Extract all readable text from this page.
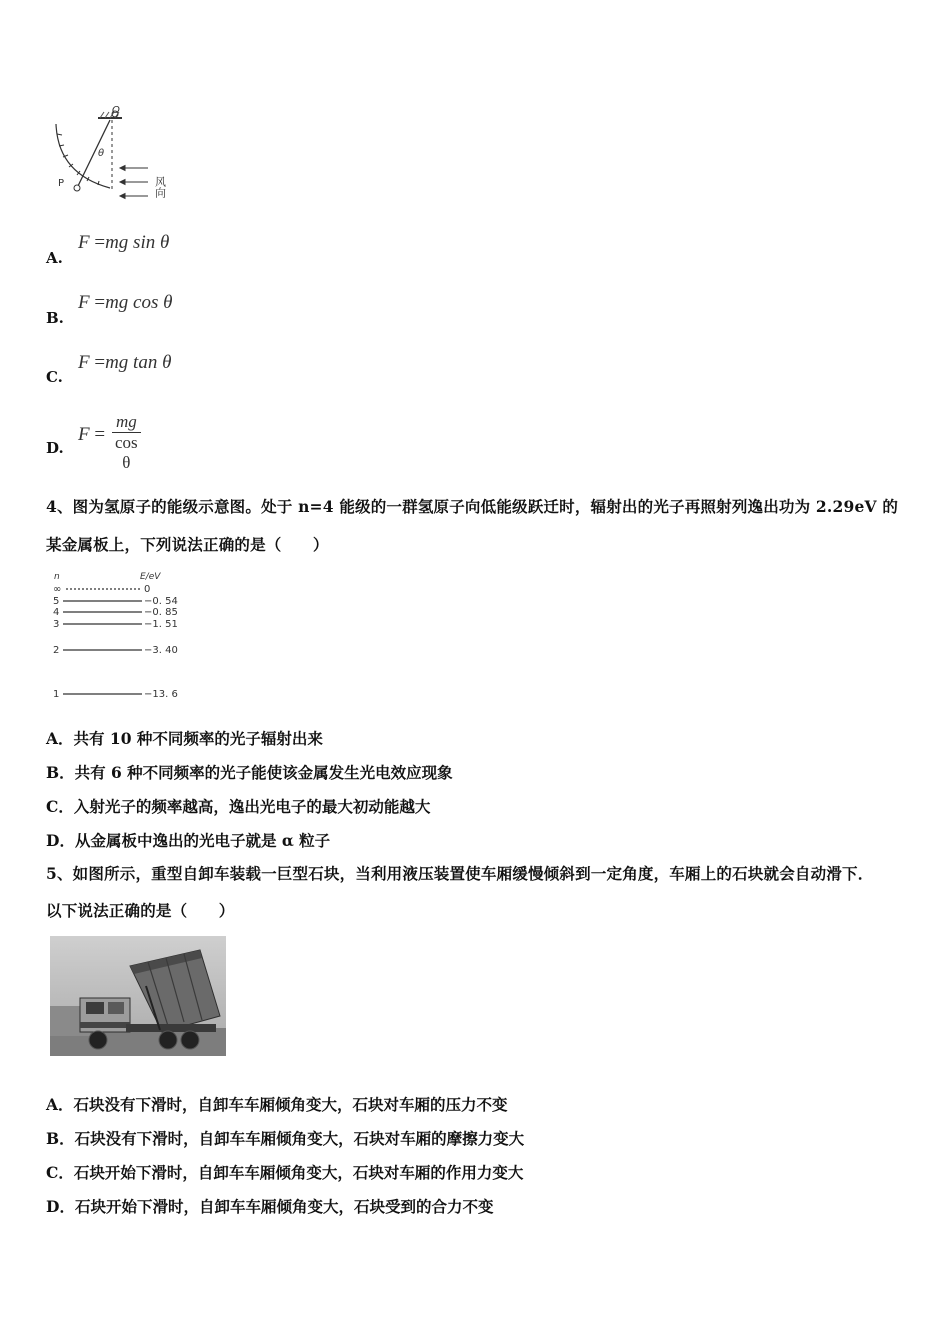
O
θ
P	风向
A.
F =mg sin θ
B.
F =mg cos θ
C.
F =mg tan θ
D.
$F = \frac{mg}{\text{cos θ}}$
4、图为氢原子的能级示意图。处于 n=4 能级的一群氢原子向低能级跃迁时，辐射出的光子再照射列逸出功为 2.29eV 的
某金属板上，下列说法正确的是（　　）
n	E/eV
∞	0
5	−0. 54
4	−0. 85
3	−1. 51
2	−3. 40
1	−13. 6
A．共有 10 种不同频率的光子辐射出来
B．共有 6 种不同频率的光子能使该金属发生光电效应现象
C．入射光子的频率越高，逸出光电子的最大初动能越大
D．从金属板中逸出的光电子就是 α 粒子
5、如图所示，重型自卸车装载一巨型石块，当利用液压装置使车厢缓慢倾斜到一定角度，车厢上的石块就会自动滑下．
以下说法正确的是（　　）
A．石块没有下滑时，自卸车车厢倾角变大，石块对车厢的压力不变
B．石块没有下滑时，自卸车车厢倾角变大，石块对车厢的摩擦力变大
C．石块开始下滑时，自卸车车厢倾角变大，石块对车厢的作用力变大
D．石块开始下滑时，自卸车车厢倾角变大，石块受到的合力不变
